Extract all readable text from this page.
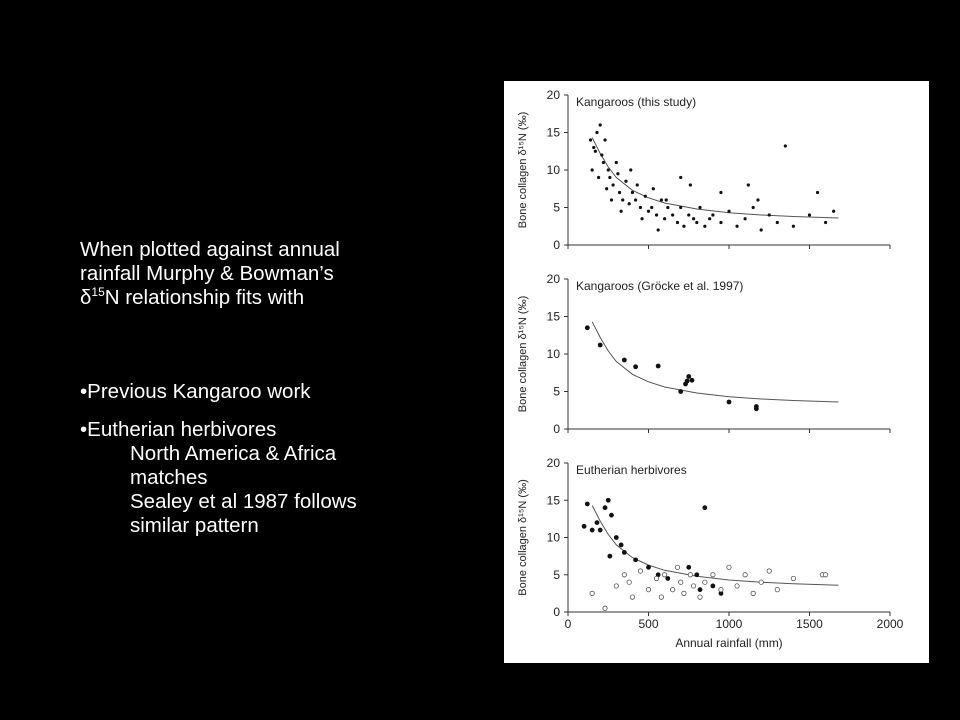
When plotted against annual
rainfall Murphy & Bowman’s
$\delta^{15}N$ relationship fits with

•Previous Kangaroo work

•Eutherian herbivores

North America & Africa

matches

Sealey et al 1987 follows

similar pattern

0
5
10
15
20 Kangaroos (this study)
Bone collagen δ¹⁵N (‰)
0
5
10
15
20 Kangaroos (Gröcke et al. 1997)
Bone collagen δ¹⁵N (‰)
0
5
10
15
20
0	500	1000	1500	2000
Eutherian herbivores
Bone collagen δ¹⁵N (‰)
Annual rainfall (mm)
